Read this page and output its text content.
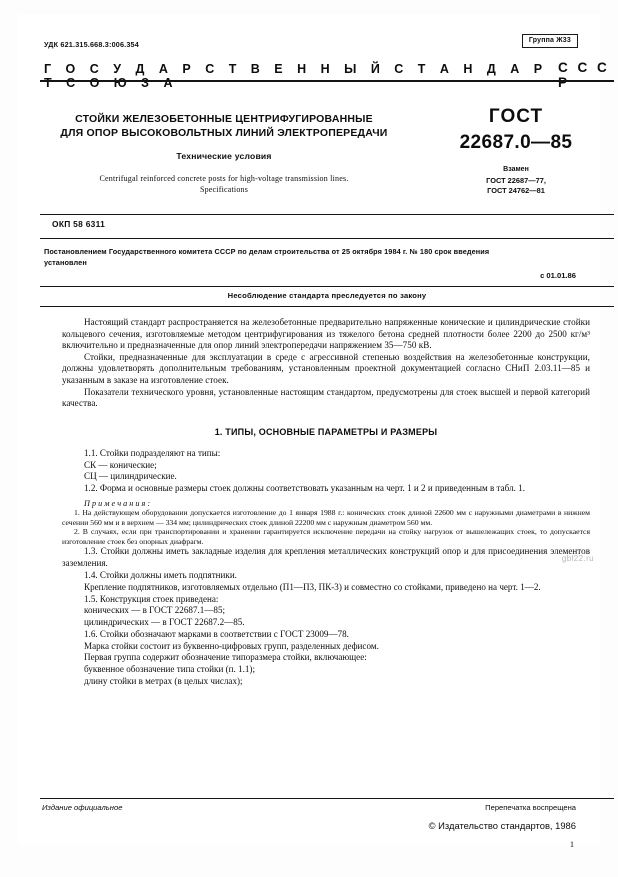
УДК 621.315.668.3:006.354	Группа Ж33
Г О С У Д А Р С Т В Е Н Н Ы Й С Т А Н Д А Р Т С О Ю З А
С С С Р
СТОЙКИ ЖЕЛЕЗОБЕТОННЫЕ ЦЕНТРИФУГИРОВАННЫЕ
ДЛЯ ОПОР ВЫСОКОВОЛЬТНЫХ ЛИНИЙ ЭЛЕКТРОПЕРЕДАЧИ
Технические условия
Centrifugal reinforced concrete posts for high-voltage transmission lines.
Specifications
ГОСТ
22687.0—85
Взамен
ГОСТ 22687—77,
ГОСТ 24762—81
ОКП 58 6311
Постановлением Государственного комитета СССР по делам строительства от 25 октября 1984 г. № 180 срок введения
установлен
с 01.01.86
Несоблюдение стандарта преследуется по закону

Настоящий стандарт распространяется на железобетонные предварительно напряженные конические и цилиндрические стойки кольцевого сечения, изготовляемые методом центрифугирования из тяжелого бетона средней плотности более 2200 до 2500 кг/м³ включительно и предназначенные для опор линий электропередачи напряжением 35—750 кВ.

Стойки, предназначенные для эксплуатации в среде с агрессивной степенью воздействия на железобетонные конструкции, должны удовлетворять дополнительным требованиям, установленным проектной документацией согласно СНиП 2.03.11—85 и указанным в заказе на изготовление стоек.

Показатели технического уровня, установленные настоящим стандартом, предусмотрены для стоек высшей и первой категорий качества.

1. ТИПЫ, ОСНОВНЫЕ ПАРАМЕТРЫ И РАЗМЕРЫ

1.1. Стойки подразделяют на типы:

СК — конические;

СЦ — цилиндрические.

1.2. Форма и основные размеры стоек должны соответствовать указанным на черт. 1 и 2 и приведенным в табл. 1.

П р и м е ч а н и я :

1. На действующем оборудовании допускается изготовление до 1 января 1988 г.: конических стоек длиной 22600 мм с наружными диаметрами в нижнем сечении 560 мм и в верхнем — 334 мм; цилиндрических стоек длиной 22200 мм с наружным диаметром 560 мм.

2. В случаях, если при транспортировании и хранении гарантируется исключение передачи на стойку нагрузок от вышележащих стоек, то допускается изготовление стоек без опорных диафрагм.

1.3. Стойки должны иметь закладные изделия для крепления металлических конструкций опор и для присоединения элементов заземления.

1.4. Стойки должны иметь подпятники.

Крепление подпятников, изготовляемых отдельно (П1—П3, ПК-3) и совместно со стойками, приведено на черт. 1—2.

1.5. Конструкция стоек приведена:

конических — в ГОСТ 22687.1—85;

цилиндрических — в ГОСТ 22687.2—85.

1.6. Стойки обозначают марками в соответствии с ГОСТ 23009—78.

Марка стойки состоит из буквенно-цифровых групп, разделенных дефисом.

Первая группа содержит обозначение типоразмера стойки, включающее:

буквенное обозначение типа стойки (п. 1.1);

длину стойки в метрах (в целых числах);

gbl22.ru
Издание официальное	Перепечатка воспрещена
© Издательство стандартов, 1986
1
